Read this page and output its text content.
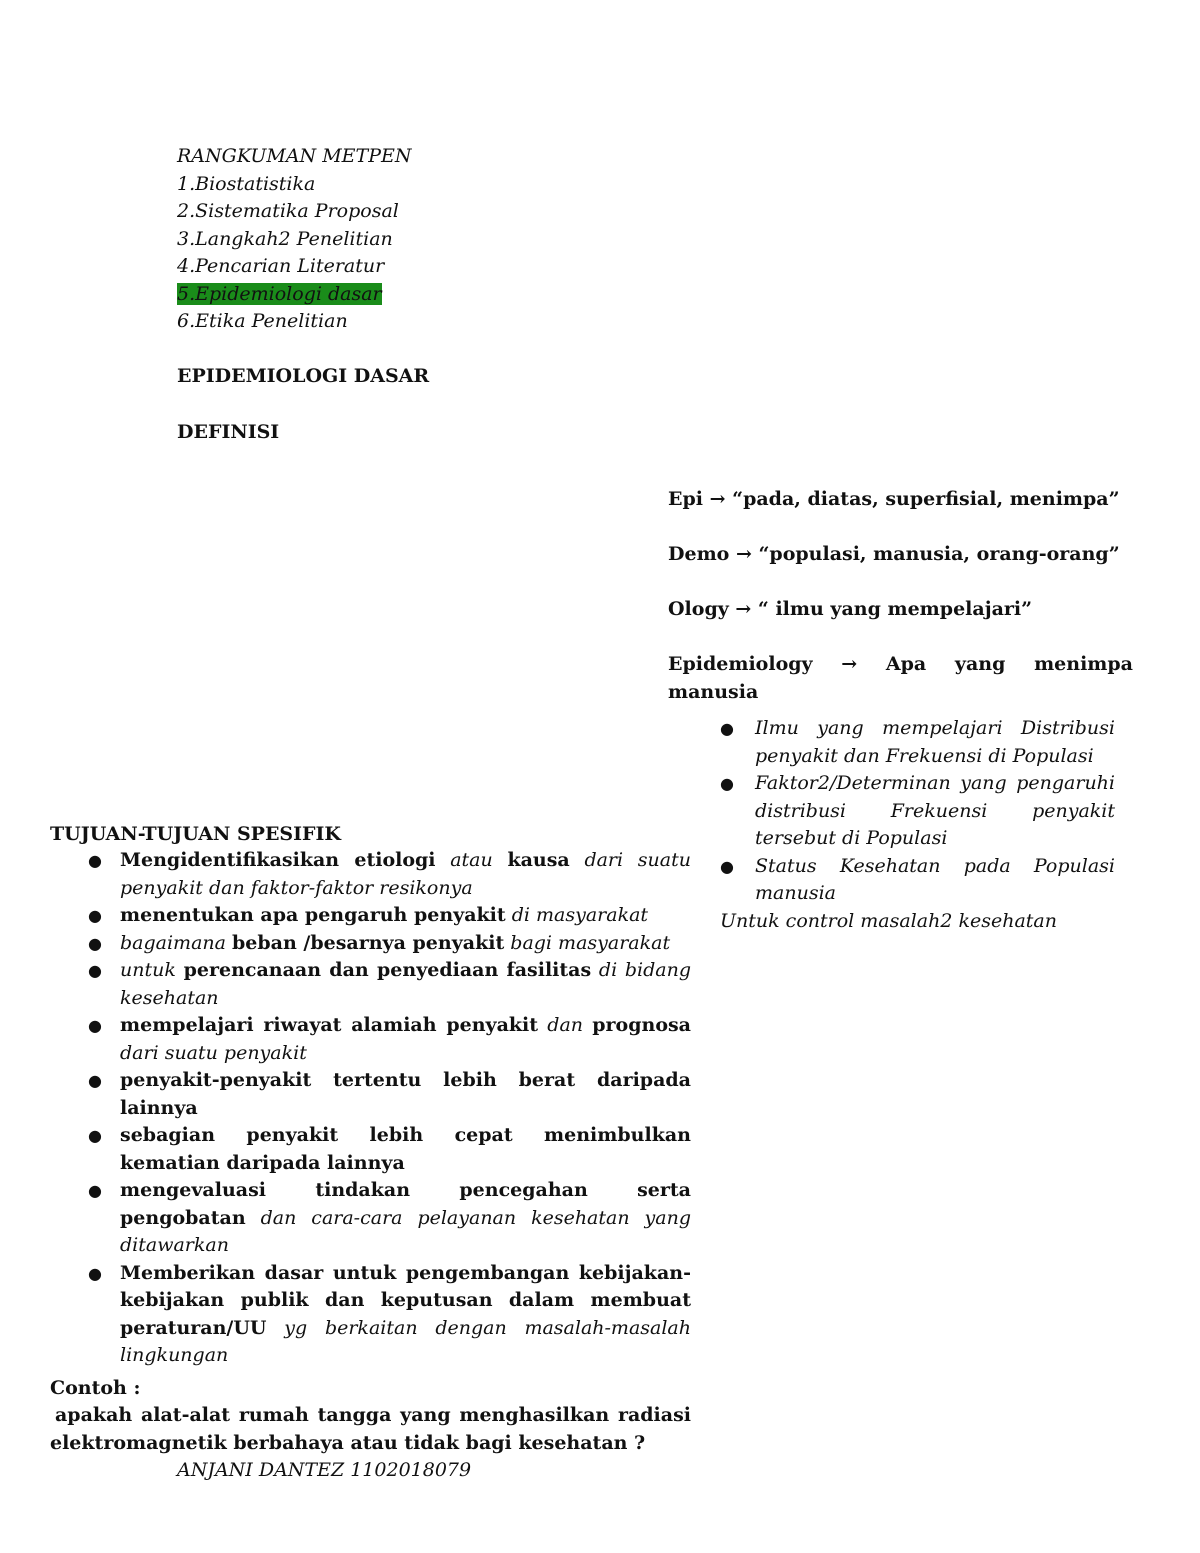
RANGKUMAN METPEN
1.Biostatistika
2.Sistematika Proposal
3.Langkah2 Penelitian
4.Pencarian Literatur
5.Epidemiologi dasar
6.Etika Penelitian
EPIDEMIOLOGI DASAR
DEFINISI
Epi → “pada, diatas, superfisial, menimpa”
Demo → “populasi, manusia, orang-orang”
Ology → “ ilmu yang mempelajari”
Epidemiology → Apa yang menimpa
manusia
● Ilmu yang mempelajari Distribusi penyakit dan Frekuensi di Populasi
● Faktor2/Determinan yang pengaruhi distribusi Frekuensi penyakit tersebut di Populasi
● Status Kesehatan pada Populasi manusia
Untuk control masalah2 kesehatan
TUJUAN-TUJUAN SPESIFIK
● Mengidentifikasikan etiologi atau kausa dari suatu penyakit dan faktor-faktor resikonya
● menentukan apa pengaruh penyakit di masyarakat
● bagaimana beban /besarnya penyakit bagi masyarakat
● untuk perencanaan dan penyediaan fasilitas di bidang kesehatan
● mempelajari riwayat alamiah penyakit dan prognosa dari suatu penyakit
● penyakit-penyakit tertentu lebih berat daripada lainnya
● sebagian penyakit lebih cepat menimbulkan kematian daripada lainnya
● mengevaluasi tindakan pencegahan serta pengobatan dan cara-cara pelayanan kesehatan yang ditawarkan
● Memberikan dasar untuk pengembangan kebijakan-kebijakan publik dan keputusan dalam membuat peraturan/UU yg berkaitan dengan masalah-masalah lingkungan
Contoh :
apakah alat-alat rumah tangga yang menghasilkan radiasi
elektromagnetik berbahaya atau tidak bagi kesehatan ?
ANJANI DANTEZ 1102018079
